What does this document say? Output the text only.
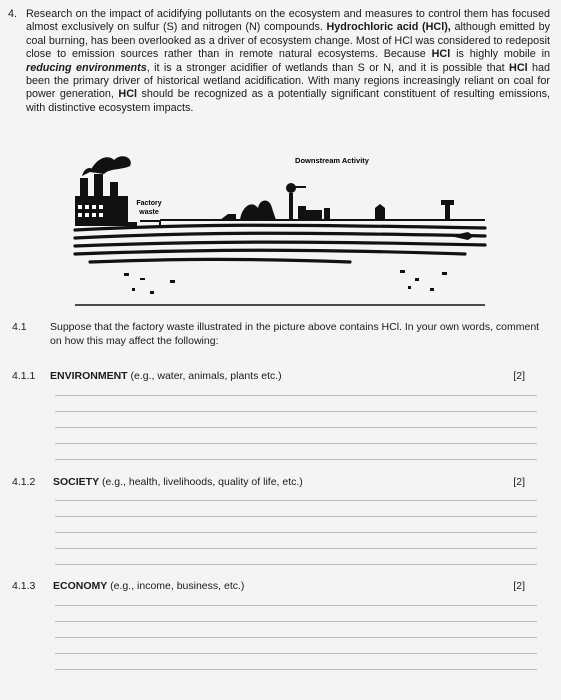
4. Research on the impact of acidifying pollutants on the ecosystem and measures to control them has focused almost exclusively on sulfur (S) and nitrogen (N) compounds. Hydrochloric acid (HCl), although emitted by coal burning, has been overlooked as a driver of ecosystem change. Most of HCl was considered to redeposit close to emission sources rather than in remote natural ecosystems. Because HCl is highly mobile in reducing environments, it is a stronger acidifier of wetlands than S or N, and it is possible that HCl had been the primary driver of historical wetland acidification. With many regions increasingly reliant on coal for power generation, HCl should be recognized as a potentially significant constituent of resulting emissions, with distinctive ecosystem impacts.
Factory
waste
Downstream Activity
4.1 Suppose that the factory waste illustrated in the picture above contains HCl. In your own words, comment on how this may affect the following:
4.1.1 ENVIRONMENT (e.g., water, animals, plants etc.)	[2]
4.1.2 SOCIETY (e.g., health, livelihoods, quality of life, etc.)	[2]
4.1.3 ECONOMY (e.g., income, business, etc.)	[2]
